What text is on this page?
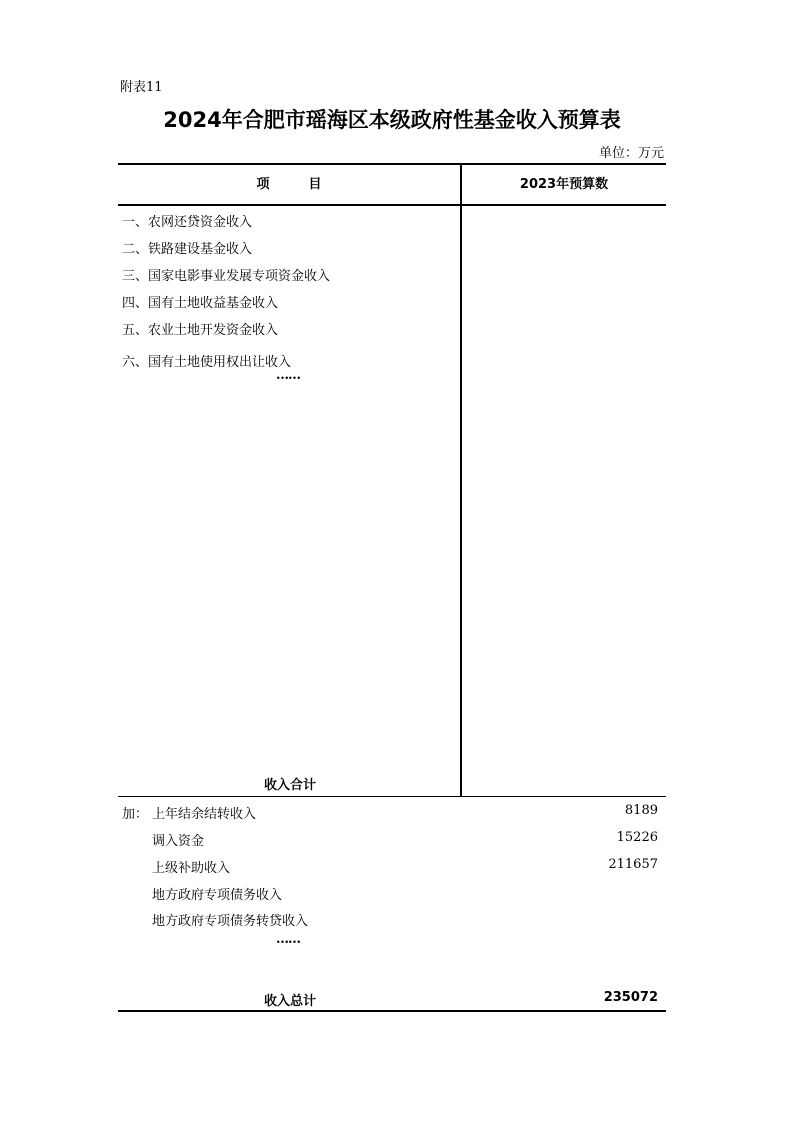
附表11
2024年合肥市瑶海区本级政府性基金收入预算表
单位：万元
项　　　目	2023年预算数
一、农网还贷资金收入
二、铁路建设基金收入
三、国家电影事业发展专项资金收入
四、国有土地收益基金收入
五、农业土地开发资金收入
六、国有土地使用权出让收入
……
收入合计
加： 上年结余结转收入	8189
调入资金	15226
上级补助收入	211657
地方政府专项债务收入
地方政府专项债务转贷收入
……
收入总计	235072
